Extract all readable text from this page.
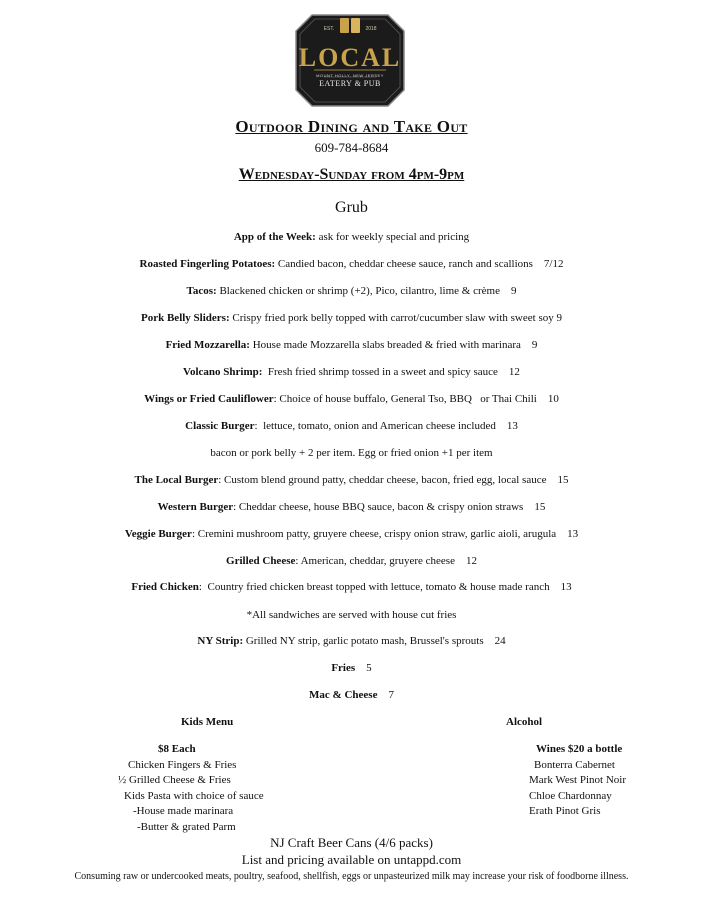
EST.	2018
LOCAL
MOUNT HOLLY, NEW JERSEY
EATERY & PUB
Outdoor Dining and Take Out
609-784-8684
Wednesday-Sunday from 4pm-9pm
Grub
App of the Week: ask for weekly special and pricing
Roasted Fingerling Potatoes: Candied bacon, cheddar cheese sauce, ranch and scallions    7/12
Tacos: Blackened chicken or shrimp (+2), Pico, cilantro, lime & crème    9
Pork Belly Sliders: Crispy fried pork belly topped with carrot/cucumber slaw with sweet soy 9
Fried Mozzarella: House made Mozzarella slabs breaded & fried with marinara    9
Volcano Shrimp:  Fresh fried shrimp tossed in a sweet and spicy sauce    12
Wings or Fried Cauliflower: Choice of house buffalo, General Tso, BBQ   or Thai Chili    10
Classic Burger:  lettuce, tomato, onion and American cheese included    13
bacon or pork belly + 2 per item. Egg or fried onion +1 per item
The Local Burger: Custom blend ground patty, cheddar cheese, bacon, fried egg, local sauce    15
Western Burger: Cheddar cheese, house BBQ sauce, bacon & crispy onion straws    15
Veggie Burger: Cremini mushroom patty, gruyere cheese, crispy onion straw, garlic aioli, arugula    13
Grilled Cheese: American, cheddar, gruyere cheese    12
Fried Chicken:  Country fried chicken breast topped with lettuce, tomato & house made ranch    13
*All sandwiches are served with house cut fries
NY Strip: Grilled NY strip, garlic potato mash, Brussel's sprouts    24
Fries    5
Mac & Cheese    7
Kids Menu
$8 Each
Chicken Fingers & Fries
½ Grilled Cheese & Fries
Kids Pasta with choice of sauce
-House made marinara
-Butter & grated Parm
Alcohol
Wines $20 a bottle
Bonterra Cabernet
Mark West Pinot Noir
Chloe Chardonnay
Erath Pinot Gris
NJ Craft Beer Cans (4/6 packs)
List and pricing available on untappd.com
Consuming raw or undercooked meats, poultry, seafood, shellfish, eggs or unpasteurized milk may increase your risk of foodborne illness.
